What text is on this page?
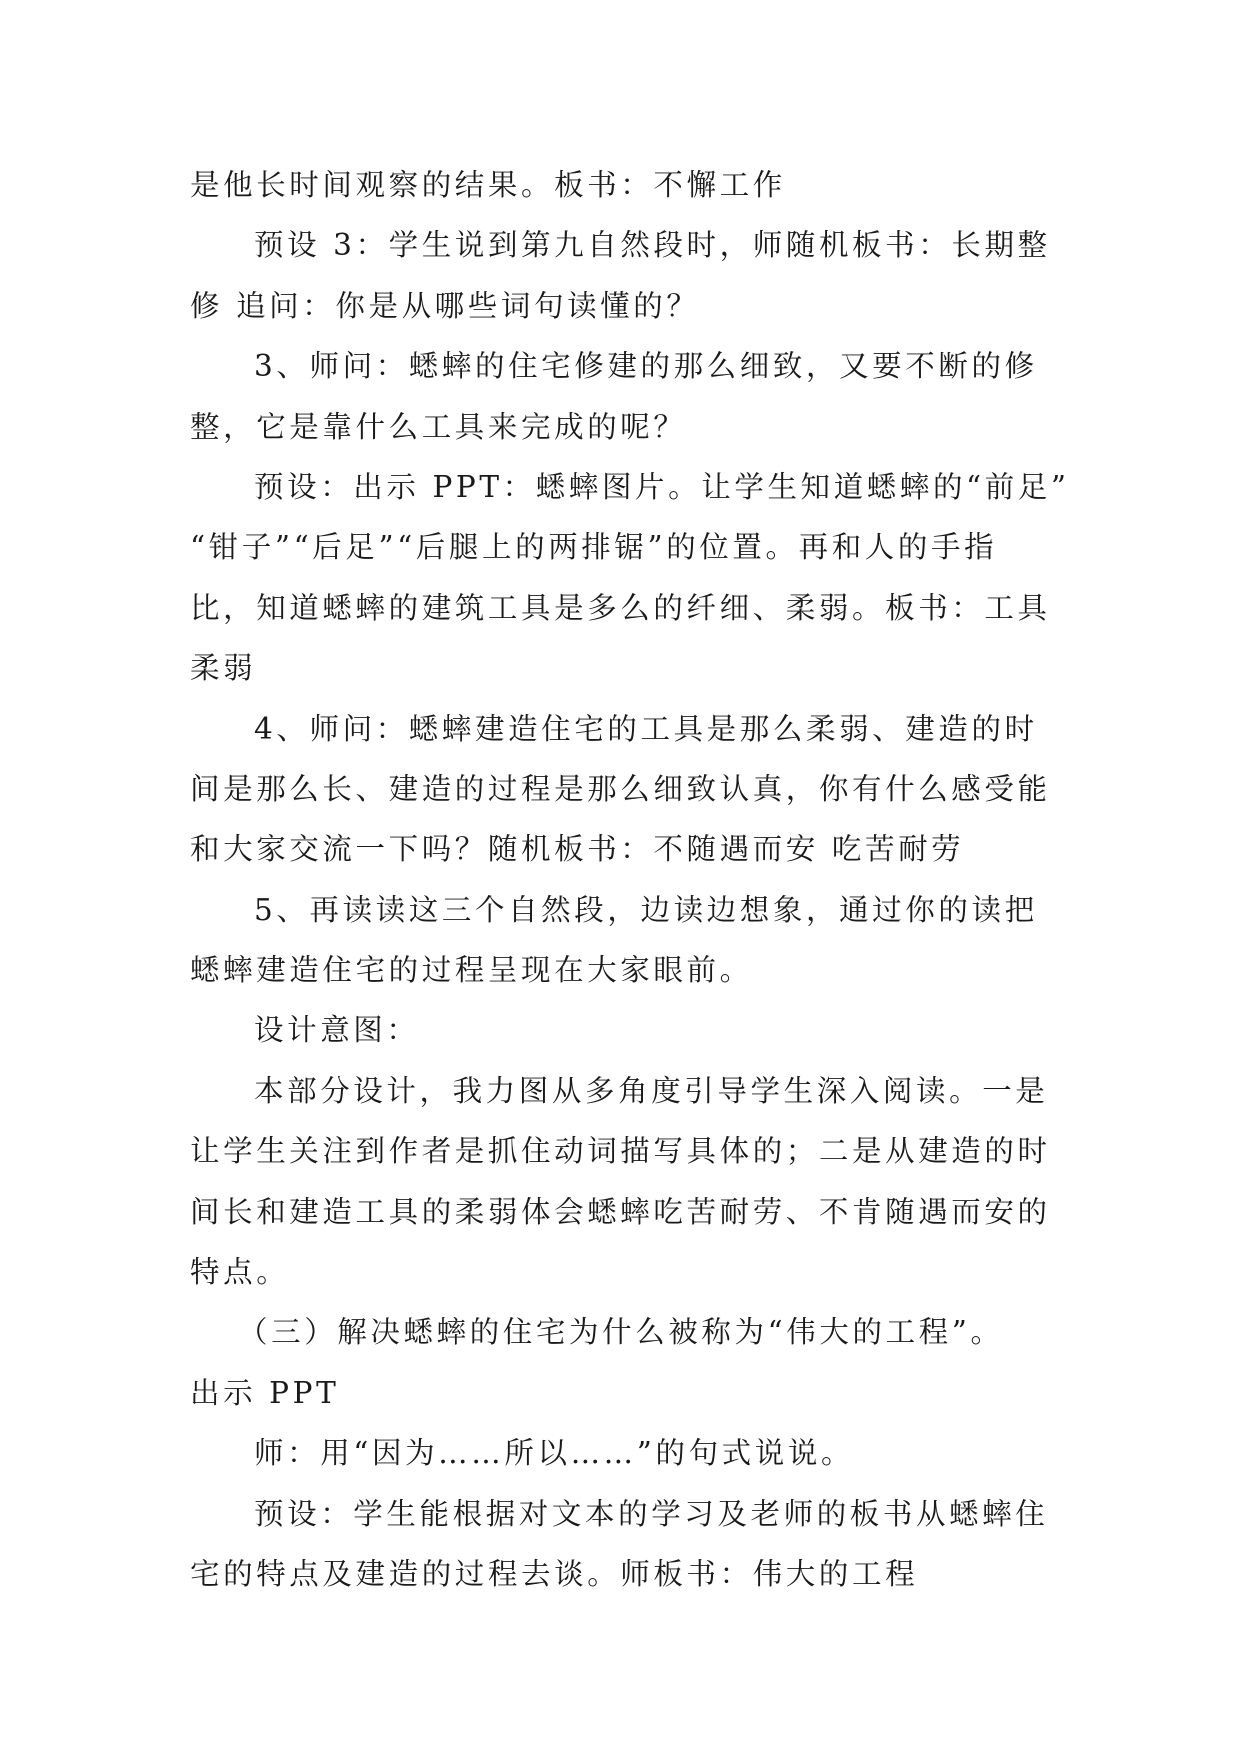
是他长时间观察的结果。板书：不懈工作
预设 3：学生说到第九自然段时，师随机板书：长期整
修 追问：你是从哪些词句读懂的？
3、师问：蟋蟀的住宅修建的那么细致，又要不断的修
整，它是靠什么工具来完成的呢？
预设：出示 PPT：蟋蟀图片。让学生知道蟋蟀的“前足”
“钳子”“后足”“后腿上的两排锯”的位置。再和人的手指
比，知道蟋蟀的建筑工具是多么的纤细、柔弱。板书：工具
柔弱
4、师问：蟋蟀建造住宅的工具是那么柔弱、建造的时
间是那么长、建造的过程是那么细致认真，你有什么感受能
和大家交流一下吗？随机板书：不随遇而安 吃苦耐劳
5、再读读这三个自然段，边读边想象，通过你的读把
蟋蟀建造住宅的过程呈现在大家眼前。
设计意图：
本部分设计，我力图从多角度引导学生深入阅读。一是
让学生关注到作者是抓住动词描写具体的；二是从建造的时
间长和建造工具的柔弱体会蟋蟀吃苦耐劳、不肯随遇而安的
特点。
（三）解决蟋蟀的住宅为什么被称为“伟大的工程”。
出示 PPT
师：用“因为……所以……”的句式说说。
预设：学生能根据对文本的学习及老师的板书从蟋蟀住
宅的特点及建造的过程去谈。师板书：伟大的工程
